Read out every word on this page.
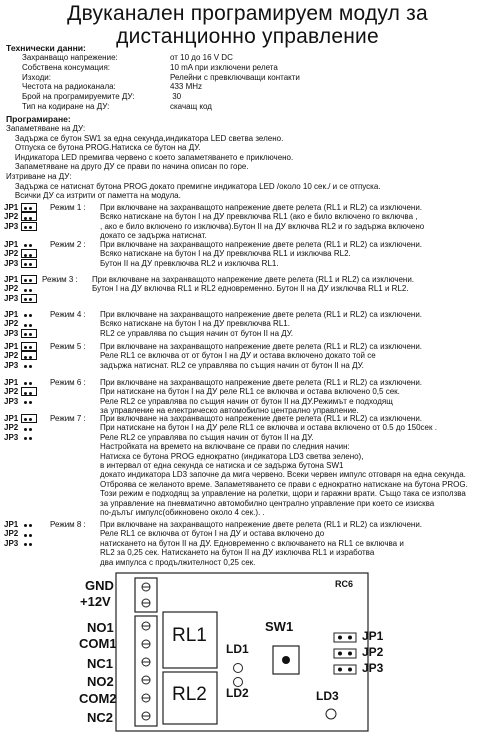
Двуканален програмируем модул за
дистанционно управление
Технически данни:
Захранващо напрежение:	от 10 до 16 V DC
Собствена консумация:	10 mA при изключени релета
Изходи:	Релейни с превключващи контакти
Честота на радиоканала:	433 MHz
Брой на програмируемите ДУ:	30
Тип на кодиране на ДУ:	скачащ код
Програмиране:
Запаметяване на ДУ:
Задържа се бутон SW1 за една секунда,индикатора LED светва зелено.
Отпуска се бутона PROG.Натиска се бутон на ДУ.
Индикатора LED премигва червено с което запаметяването е приключено.
Запаметяване на друго ДУ се прави по начина описан по горе.
Изтриване на ДУ:
Задържа се натиснат бутона PROG докато премигне индикатора LED /около 10 сек./ и се отпуска.
Всички ДУ са изтрити от паметта на модула.
JP1
JP2
JP3
Режим 1 : При включване на захранващото напрежение двете релета (RL1 и RL2) са изключени.
Всяко натискане на бутон I на ДУ превключва RL1 (ако е било включено го включва ,
, ако е било включено го изключва).Бутон II на ДУ включва RL2 и го задържа включено
докато се задържа натиснат.
JP1
JP2
JP3
Режим 2 : При включване на захранващото напрежение двете релета (RL1 и RL2) са изключени.
Всяко натискане на бутон I на ДУ превключва RL1 и изключва RL2.
Бутон II на ДУ превключва RL2 и изключва RL1.
JP1
JP2
JP3
Режим 3 : При включване на захранващото напрежение двете релета (RL1 и RL2) са изключени.
Бутон I на ДУ включва RL1 и RL2 едновременно. Бутон II на ДУ изключва RL1 и RL2.
JP1
JP2
JP3
Режим 4 : При включване на захранващото напрежение двете релета (RL1 и RL2) са изключени.
Всяко натискане на бутон I на ДУ превключва RL1.
RL2 се управлява по същия начин от бутон II на ДУ.
JP1
JP2
JP3
Режим 5 : При включване на захранващото напрежение двете релета (RL1 и RL2) са изключени.
Реле RL1 се включва от от бутон I на ДУ и остава включено докато той се
задържа натиснат. RL2 се управлява по същия начин от бутон II на ДУ.
JP1
JP2
JP3
Режим 6 : При включване на захранващото напрежение двете релета (RL1 и RL2) са изключени.
При натискане на бутон I на ДУ реле RL1 се включва и остава включено 0,5 сек.
Реле RL2 се управлява по същия начин от бутон II на ДУ.Режимът е подходящ
за управление на електрическо автомобилно централно управление.
JP1
JP2
JP3
Режим 7 : При включване на захранващото напрежение двете релета (RL1 и RL2) са изключени.
При натискане на бутон I на ДУ реле RL1 се включва и остава включено от 0.5 до 150сек .
Реле RL2 се управлява по същия начин от бутон II на ДУ.
Настройката на времето на включване се прави по следния начин:
Натиска се бутона PROG еднократно (индикатора LD3 светва зелено),
в интервал от една секунда се натиска и се задържа бутона SW1
докато индикатора LD3 започне да мига червено. Всеки червен импулс отговаря на една секунда.
Отброява се желаното време. Запаметяването се прави с еднократно натискане на бутона PROG.
Този режим е подходящ за управление на ролетки, щори и гаражни врати. Също така се използва
за управление на пневматично автомобилно централно управление при което се изисква
по-дълъг импулс(обикновено около 4 сек.). .
JP1
JP2
JP3
Режим 8 : При включване на захранващото напрежение двете релета (RL1 и RL2) са изключени.
Реле RL1 се включва от бутон I на ДУ и остава включено до
натискането на бутон II на ДУ. Едновременно с включването на RL1 се включва и
RL2 за 0,25 сек. Натискането на бутон II на ДУ изключва RL1 и изработва
два импулса с продължителност 0,25 сек.
GND
+12V
NO1
COM1
NC1
NO2
COM2
NC2
RL1
RL2
SW1
LD1
LD2	LD3
RC6
JP1
JP2
JP3
